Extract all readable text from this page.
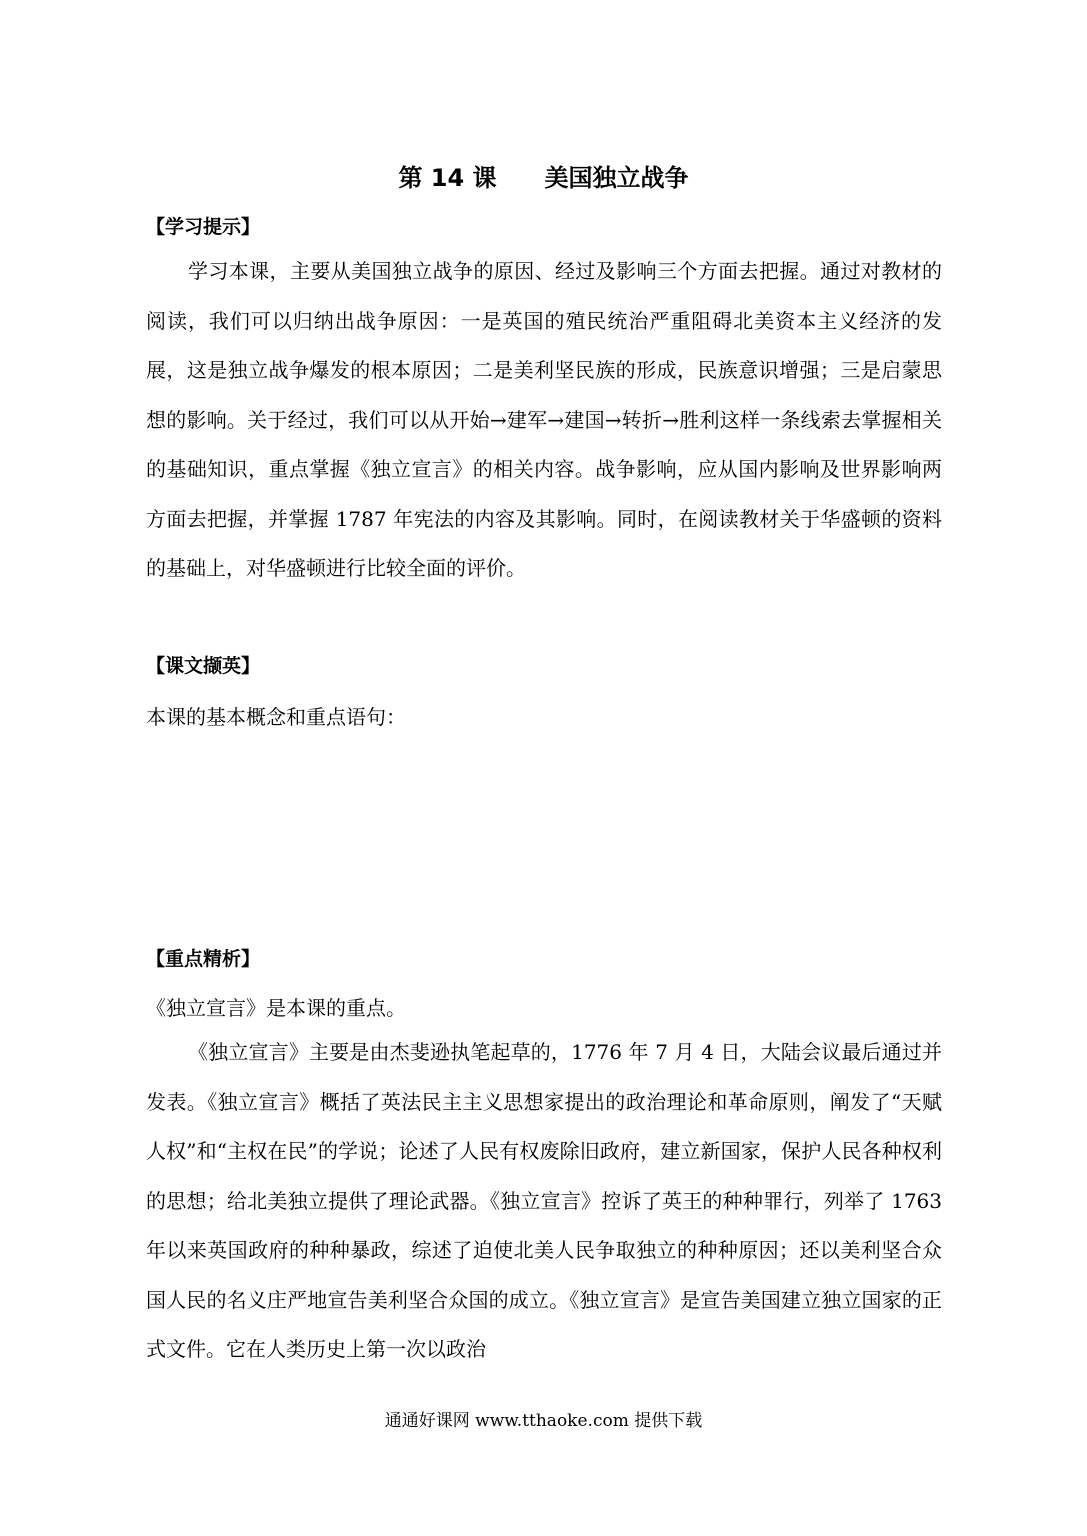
第 14 课 美国独立战争
【学习提示】

学习本课，主要从美国独立战争的原因、经过及影响三个方面去把握。通过对教材的阅读，我们可以归纳出战争原因：一是英国的殖民统治严重阻碍北美资本主义经济的发展，这是独立战争爆发的根本原因；二是美利坚民族的形成，民族意识增强；三是启蒙思想的影响。关于经过，我们可以从开始→建军→建国→转折→胜利这样一条线索去掌握相关的基础知识，重点掌握《独立宣言》的相关内容。战争影响，应从国内影响及世界影响两方面去把握，并掌握 1787 年宪法的内容及其影响。同时，在阅读教材关于华盛顿的资料的基础上，对华盛顿进行比较全面的评价。

【课文撷英】
本课的基本概念和重点语句：
【重点精析】
《独立宣言》是本课的重点。

《独立宣言》主要是由杰斐逊执笔起草的，1776 年 7 月 4 日，大陆会议最后通过并发表。《独立宣言》概括了英法民主主义思想家提出的政治理论和革命原则，阐发了“天赋人权”和“主权在民”的学说；论述了人民有权废除旧政府，建立新国家，保护人民各种权利的思想；给北美独立提供了理论武器。《独立宣言》控诉了英王的种种罪行，列举了 1763 年以来英国政府的种种暴政，综述了迫使北美人民争取独立的种种原因；还以美利坚合众国人民的名义庄严地宣告美利坚合众国的成立。《独立宣言》是宣告美国建立独立国家的正式文件。它在人类历史上第一次以政治

通通好课网 www.tthaoke.com 提供下载
